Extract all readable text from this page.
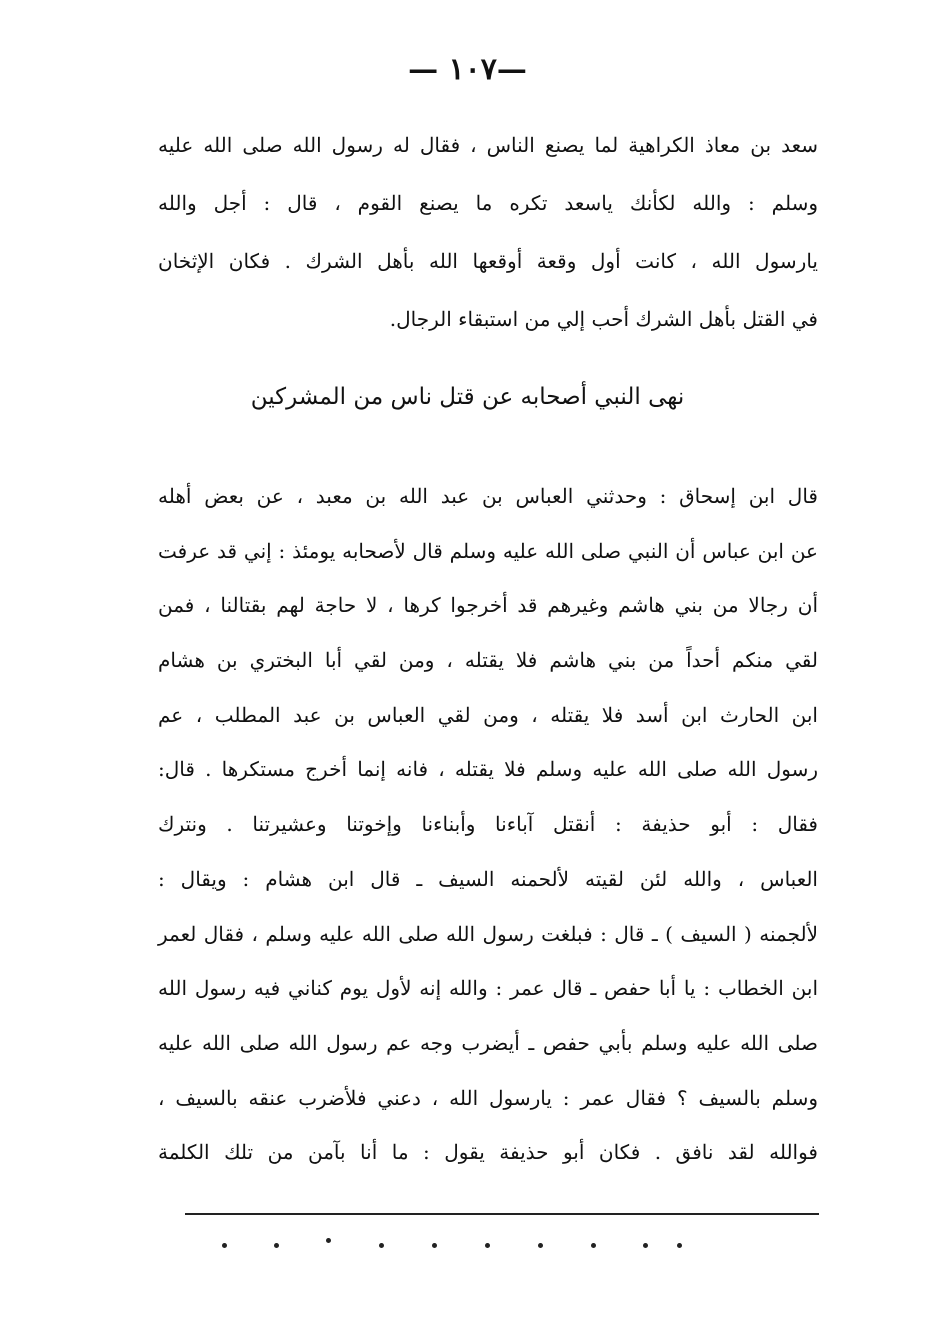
—١٠٧ —
سعد بن معاذ الكراهية لما يصنع الناس ، فقال له رسول الله صلى الله عليه
وسلم : والله لكأنك ياسعد تكره ما يصنع القوم ، قال : أجل والله
يارسول الله ، كانت أول وقعة أوقعها الله بأهل الشرك . فكان الإثخان
في القتل بأهل الشرك أحب إلي من استبقاء الرجال.
نهى النبي أصحابه عن قتل ناس من المشركين
قال ابن إسحاق : وحدثني العباس بن عبد الله بن معبد ، عن بعض أهله
عن ابن عباس أن النبي صلى الله عليه وسلم قال لأصحابه يومئذ : إني قد عرفت
أن رجالا من بني هاشم وغيرهم قد أخرجوا كرها ، لا حاجة لهم بقتالنا ، فمن
لقي منكم أحداً من بني هاشم فلا يقتله ، ومن لقي أبا البختري بن هشام
ابن الحارث ابن أسد فلا يقتله ، ومن لقي العباس بن عبد المطلب ، عم
رسول الله صلى الله عليه وسلم فلا يقتله ، فانه إنما أخرج مستكرها . قال:
فقال : أبو حذيفة : أنقتل آباءنا وأبناءنا وإخوتنا وعشيرتنا . ونترك
العباس ، والله لئن لقيته لألحمنه السيف ـ قال ابن هشام : ويقال :
لألجمنه ( السيف ) ـ قال : فبلغت رسول الله صلى الله عليه وسلم ، فقال لعمر
ابن الخطاب : يا أبا حفص ـ قال عمر : والله إنه لأول يوم كناني فيه رسول الله
صلى الله عليه وسلم بأبي حفص ـ أيضرب وجه عم رسول الله صلى الله عليه
وسلم بالسيف ؟ فقال عمر : يارسول الله ، دعني فلأضرب عنقه بالسيف ،
فوالله لقد نافق . فكان أبو حذيفة يقول : ما أنا بآمن من تلك الكلمة
